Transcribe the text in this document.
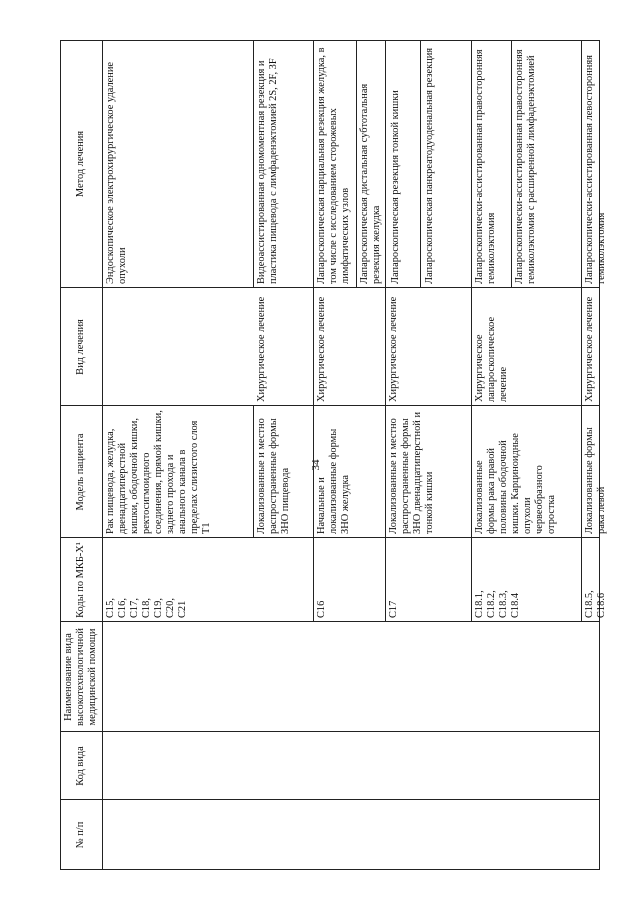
34
№ п/п
Код вида
Наименование вида высокотехнологичной медицинской помощи
Коды по МКБ-X¹
Модель пациента
Вид лечения
Метод лечения
C15, C16, C17, C18, C19, C20, C21
Рак пищевода, желудка, двенадцатиперстной кишки, ободочной кишки, ректосигмоидного соединения, прямой кишки, заднего прохода и анального канала в пределах слизистого слоя T1
Эндоскопическое электрохирургическое удаление опухоли
Локализованные и местно распространенные формы ЗНО пищевода
Хирургическое лечение
Видеоассистированная одномоментная резекция и пластика пищевода с лимфаденэктомией 2S, 2F, 3F
C16
Начальные и локализованные формы ЗНО желудка
Хирургическое лечение
Лапароскопическая парциальная резекция желудка, в том числе с исследованием сторожевых лимфатических узлов Лапароскопическая дистальная субтотальная резекция желудка
C17
Локализованные и местно распространенные формы ЗНО двенадцатиперстной и тонкой кишки
Хирургическое лечение
Лапароскопическая резекция тонкой кишки Лапароскопическая панкреатодуоденальная резекция
C18.1, C18.2, C18.3, C18.4
Локализованные формы рака правой половины ободочной кишки. Карциноидные опухоли червеобразного отростка
Хирургическое лапароскопическое лечение
Лапароскопически-ассистированная правосторонняя гемиколэктомия Лапароскопически-ассистированная правосторонняя гемиколэктомия с расширенной лимфаденэктомией
C18.5, C18.6
Локализованные формы рака левой
Хирургическое лечение
Лапароскопически-ассистированная левосторонняя гемиколэктомия
